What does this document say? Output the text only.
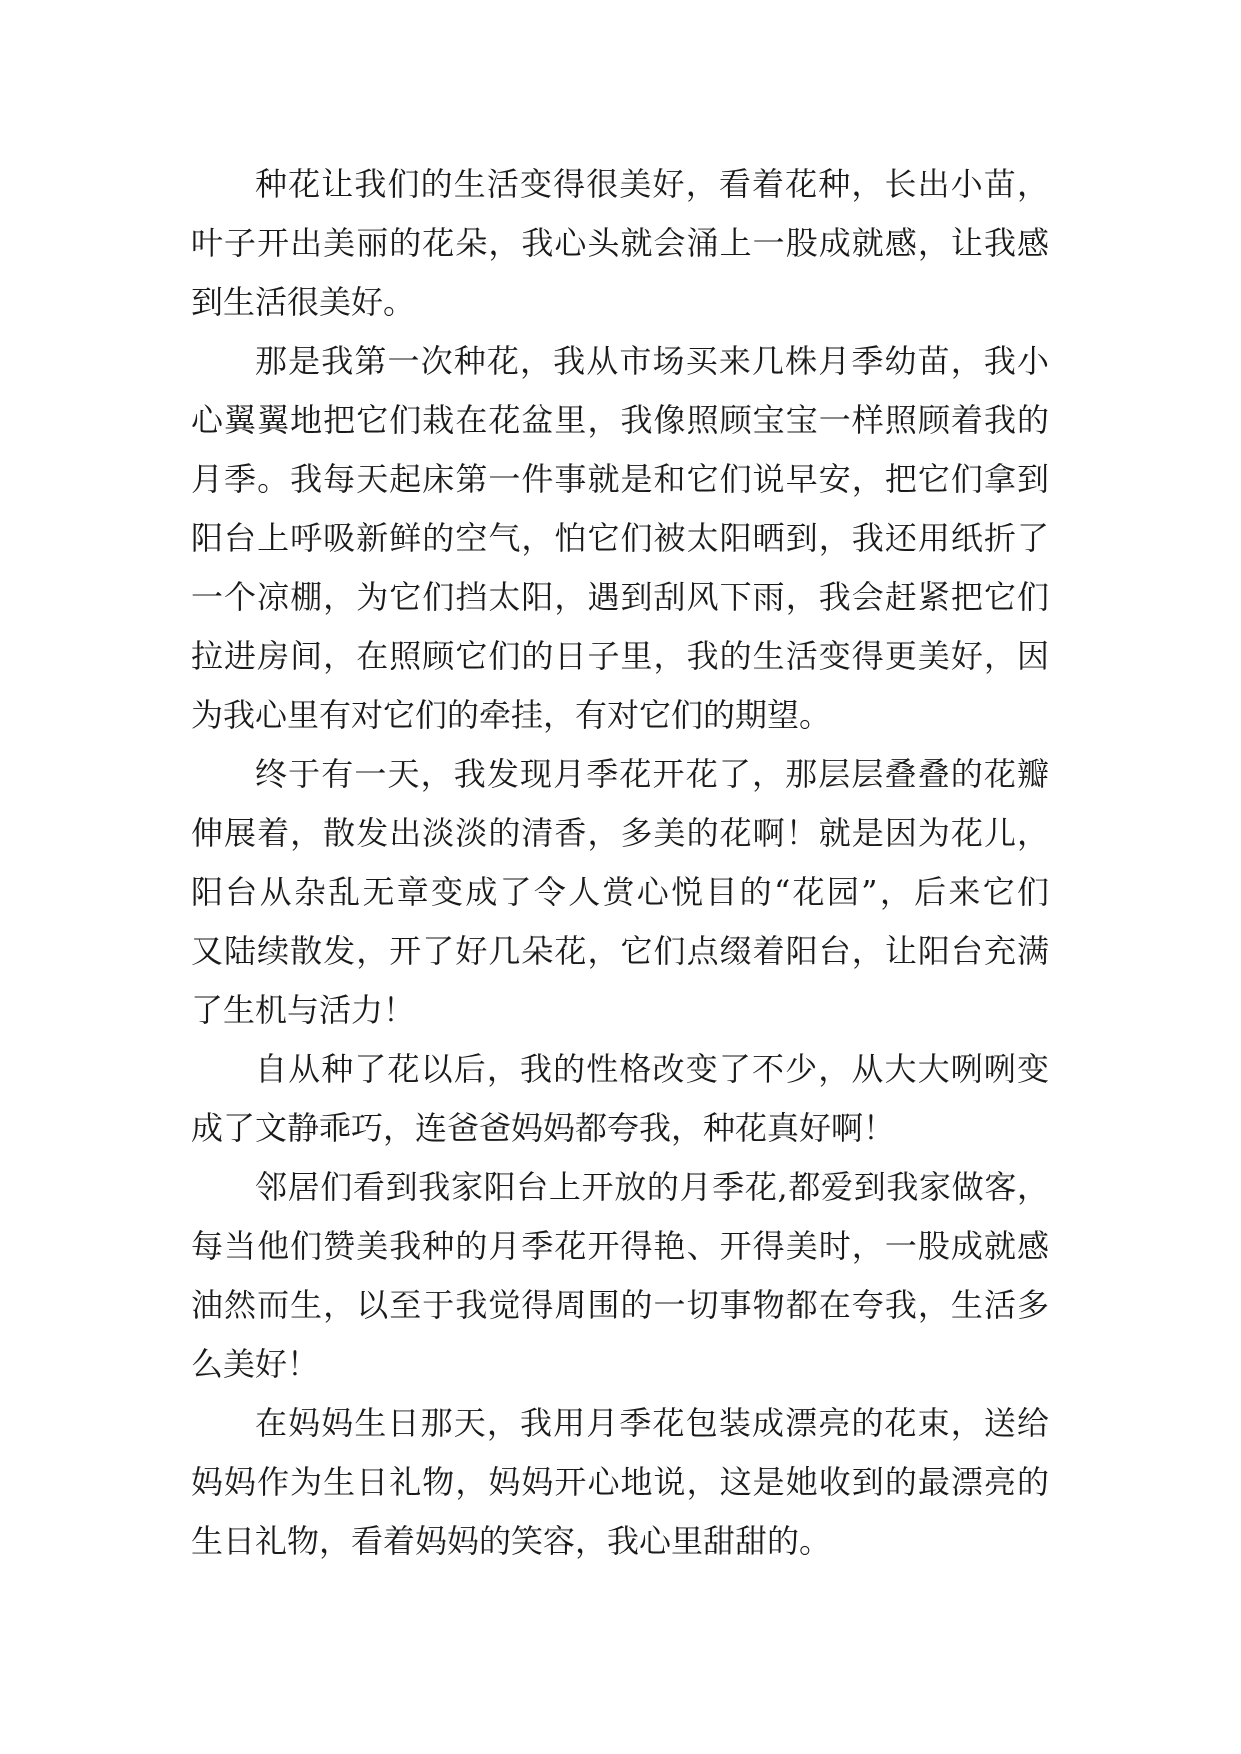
种花让我们的生活变得很美好，看着花种，长出小苗，
叶子开出美丽的花朵，我心头就会涌上一股成就感，让我感
到生活很美好。
那是我第一次种花，我从市场买来几株月季幼苗，我小
心翼翼地把它们栽在花盆里，我像照顾宝宝一样照顾着我的
月季。我每天起床第一件事就是和它们说早安，把它们拿到
阳台上呼吸新鲜的空气，怕它们被太阳晒到，我还用纸折了
一个凉棚，为它们挡太阳，遇到刮风下雨，我会赶紧把它们
拉进房间，在照顾它们的日子里，我的生活变得更美好，因
为我心里有对它们的牵挂，有对它们的期望。
终于有一天，我发现月季花开花了，那层层叠叠的花瓣
伸展着，散发出淡淡的清香，多美的花啊！就是因为花儿，
阳台从杂乱无章变成了令人赏心悦目的“花园”，后来它们
又陆续散发，开了好几朵花，它们点缀着阳台，让阳台充满
了生机与活力！
自从种了花以后，我的性格改变了不少，从大大咧咧变
成了文静乖巧，连爸爸妈妈都夸我，种花真好啊！
邻居们看到我家阳台上开放的月季花,都爱到我家做客，
每当他们赞美我种的月季花开得艳、开得美时，一股成就感
油然而生，以至于我觉得周围的一切事物都在夸我，生活多
么美好！
在妈妈生日那天，我用月季花包装成漂亮的花束，送给
妈妈作为生日礼物，妈妈开心地说，这是她收到的最漂亮的
生日礼物，看着妈妈的笑容，我心里甜甜的。
